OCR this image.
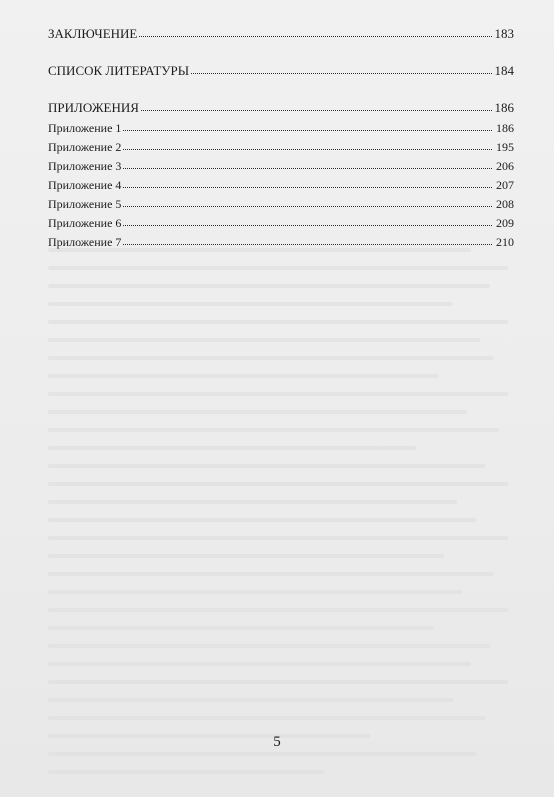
ЗАКЛЮЧЕНИЕ	183
СПИСОК ЛИТЕРАТУРЫ	184
ПРИЛОЖЕНИЯ	186
Приложение 1	186
Приложение 2	195
Приложение 3	206
Приложение 4	207
Приложение 5	208
Приложение 6	209
Приложение 7	210
5
